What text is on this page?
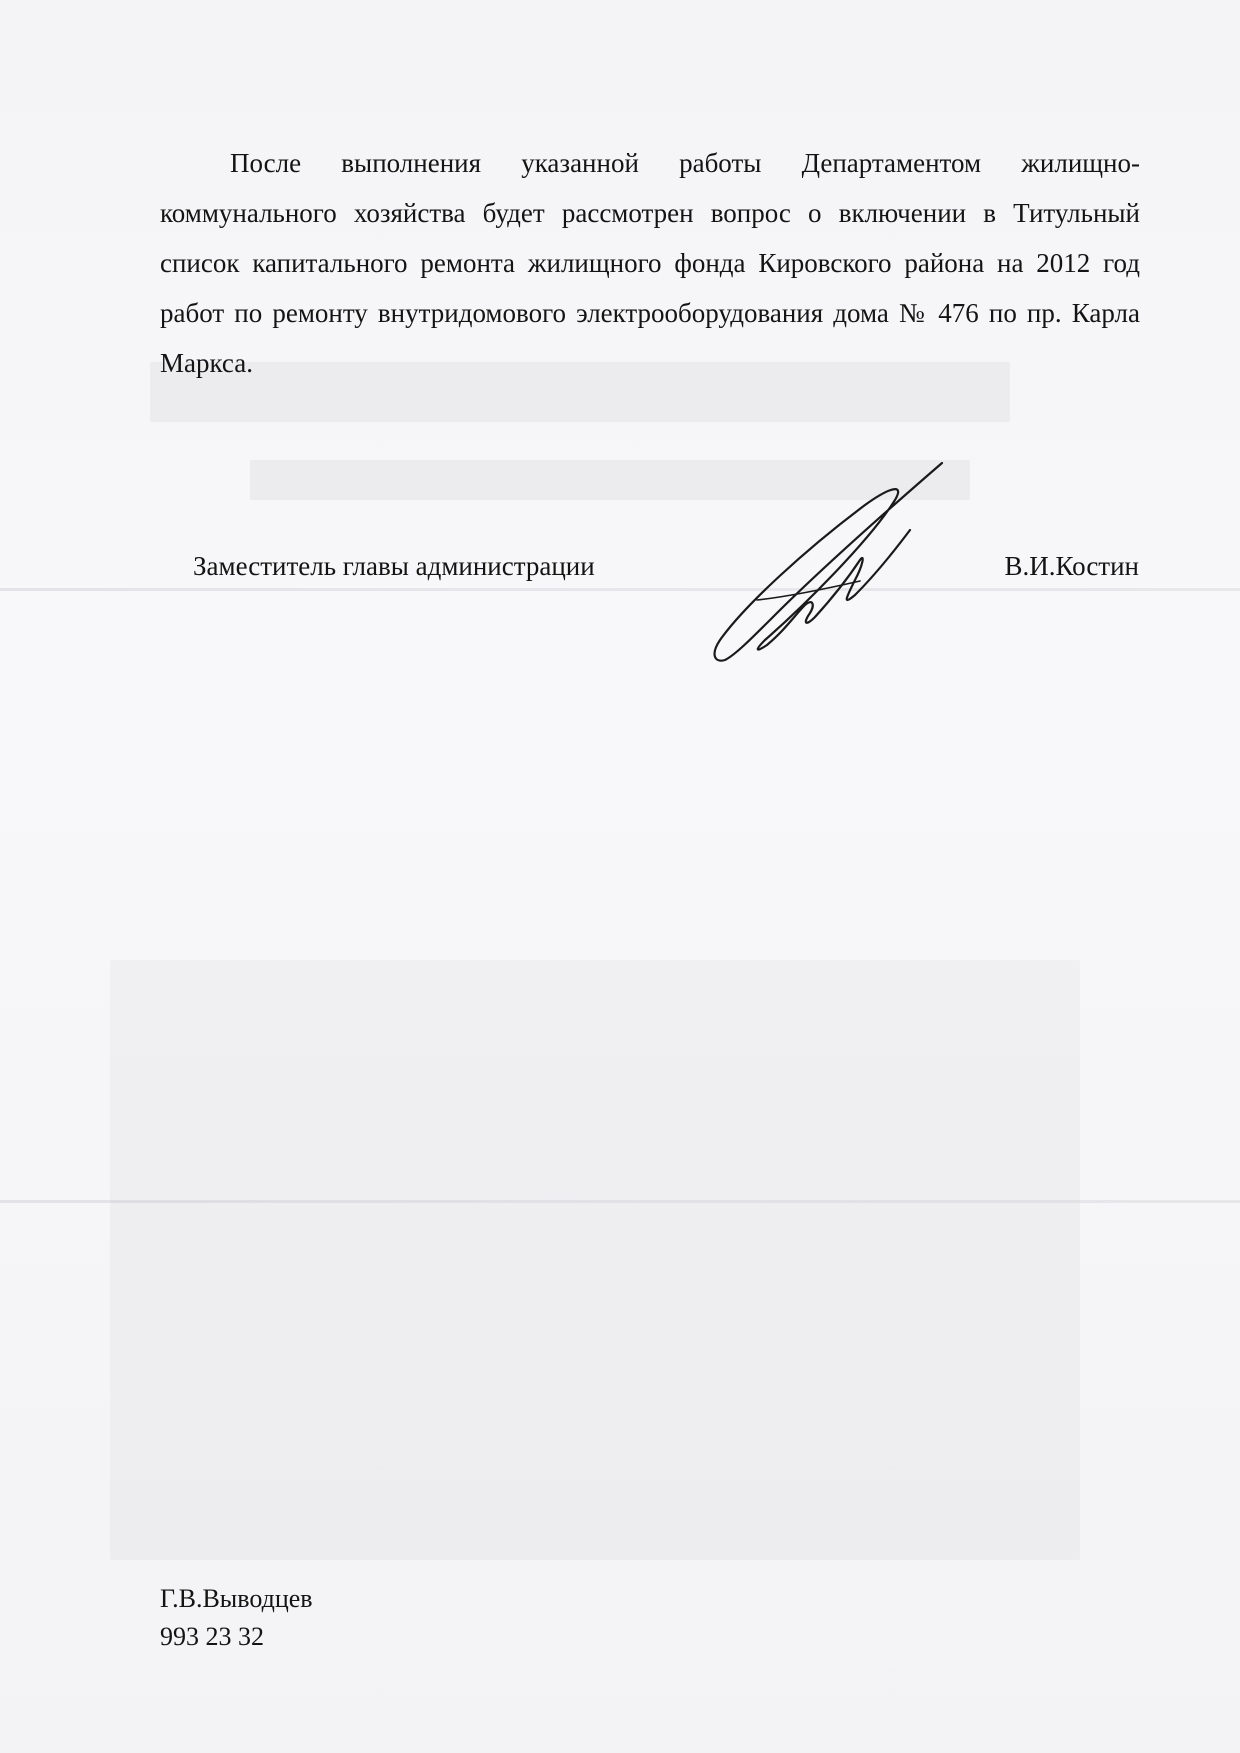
После выполнения указанной работы Департаментом жилищно-коммунального хозяйства будет рассмотрен вопрос о включении в Титульный список капитального ремонта жилищного фонда Кировского района на 2012 год работ по ремонту внутридомового электрооборудования дома № 476 по пр. Карла Маркса.

Заместитель главы администрации	В.И.Костин
Г.В.Выводцев
993 23 32
